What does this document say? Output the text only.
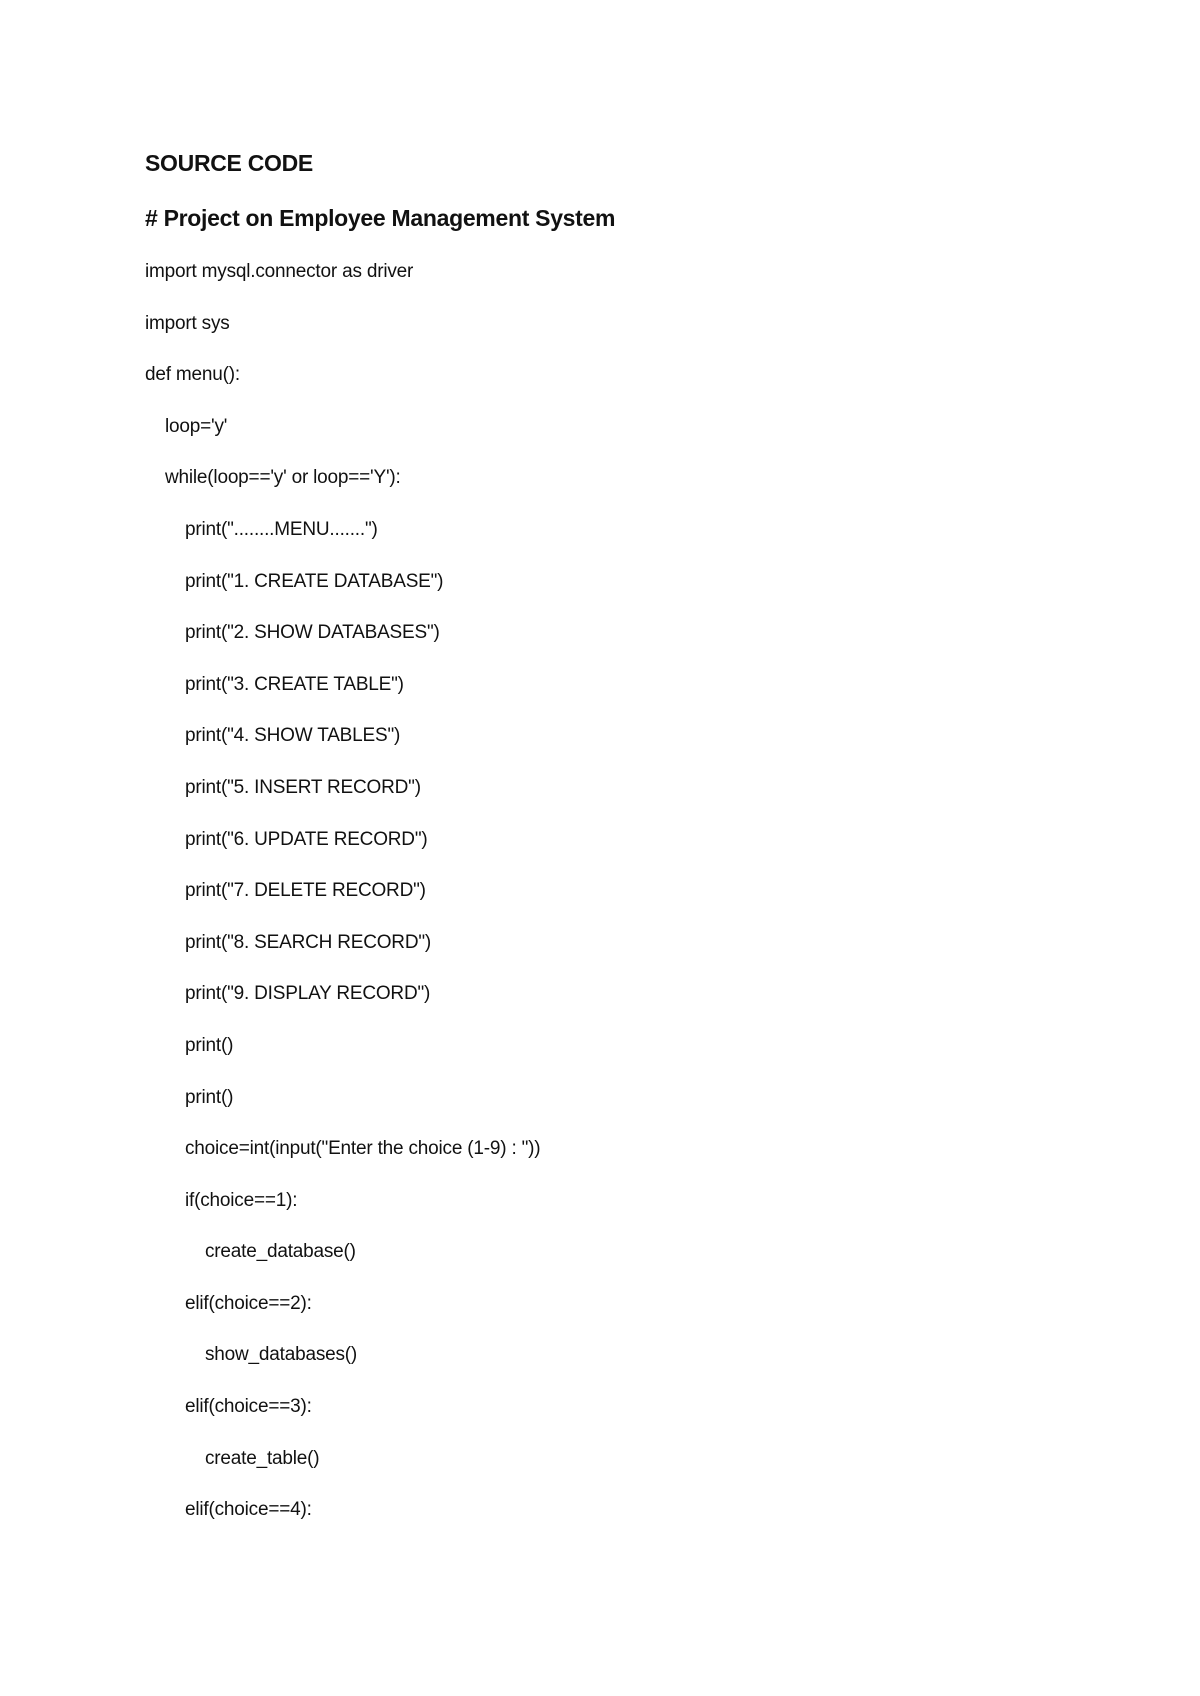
SOURCE CODE
# Project on Employee Management System
import mysql.connector as driver
import sys
def menu():
loop='y'
while(loop=='y' or loop=='Y'):
print("........MENU.......")
print("1. CREATE DATABASE")
print("2. SHOW DATABASES")
print("3. CREATE TABLE")
print("4. SHOW TABLES")
print("5. INSERT RECORD")
print("6. UPDATE RECORD")
print("7. DELETE RECORD")
print("8. SEARCH RECORD")
print("9. DISPLAY RECORD")
print()
print()
choice=int(input("Enter the choice (1-9) : "))
if(choice==1):
create_database()
elif(choice==2):
show_databases()
elif(choice==3):
create_table()
elif(choice==4):
